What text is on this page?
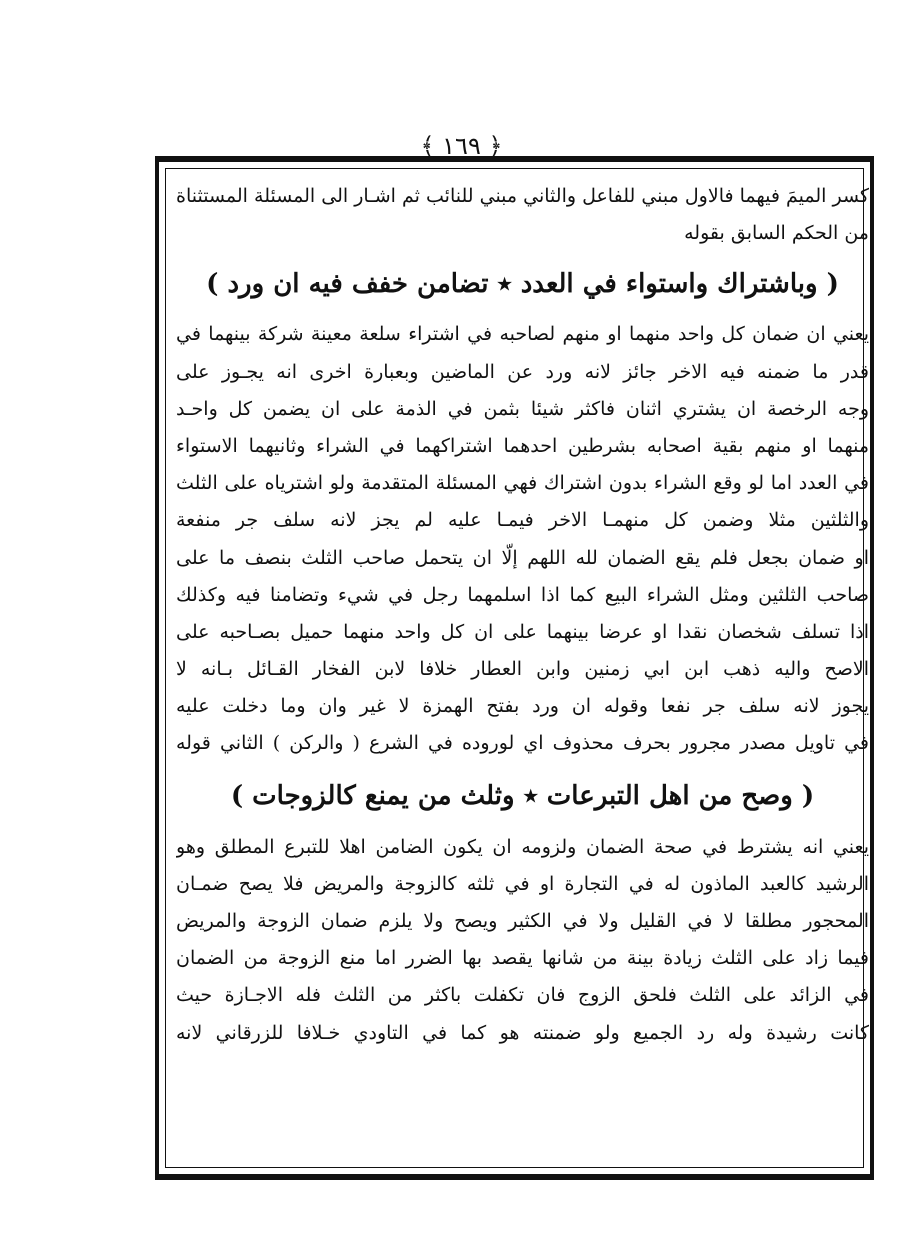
﴿ ١٦٩ ﴾
كسر الميمَ فيهما فالاول مبني للفاعل والثاني مبني للنائب ثم اشـار الى المسئلة المستثناة
من الحكم السابق بقوله
( وباشتراك واستواء في العدد ٭ تضامن خفف فيه ان ورد )
يعني ان ضمان كل واحد منهما او منهم لصاحبه في اشتراء سلعة معينة شركة بينهما في
قدر ما ضمنه فيه الاخر جائز لانه ورد عن الماضين وبعبارة اخرى انه يجـوز على
وجه الرخصة ان يشتري اثنان فاكثر شيئا بثمن في الذمة على ان يضمن كل واحـد
منهما او منهم بقية اصحابه بشرطين احدهما اشتراكهما في الشراء وثانيهما الاستواء
في العدد اما لو وقع الشراء بدون اشتراك فهي المسئلة المتقدمة ولو اشترياه على الثلث
والثلثين مثلا وضمن كل منهمـا الاخر فيمـا عليه لم يجز لانه سلف جر منفعة
او ضمان بجعل فلم يقع الضمان لله اللهم إلّا ان يتحمل صاحب الثلث بنصف ما على
صاحب الثلثين ومثل الشراء البيع كما اذا اسلمهما رجل في شيء وتضامنا فيه وكذلك
اذا تسلف شخصان نقدا او عرضا بينهما على ان كل واحد منهما حميل بصـاحبه على
الاصح واليه ذهب ابن ابي زمنين وابن العطار خلافا لابن الفخار القـائل بـانه لا
يجوز لانه سلف جر نفعا وقوله ان ورد بفتح الهمزة لا غير وان وما دخلت عليه
في تاويل مصدر مجرور بحرف محذوف اي لوروده في الشرع ( والركن ) الثاني قوله
( وصح من اهل التبرعات ٭ وثلث من يمنع كالزوجات )
يعني انه يشترط في صحة الضمان ولزومه ان يكون الضامن اهلا للتبرع المطلق وهو
الرشيد كالعبد الماذون له في التجارة او في ثلثه كالزوجة والمريض فلا يصح ضمـان
المحجور مطلقا لا في القليل ولا في الكثير ويصح ولا يلزم ضمان الزوجة والمريض
فيما زاد على الثلث زيادة بينة من شانها يقصد بها الضرر اما منع الزوجة من الضمان
في الزائد على الثلث فلحق الزوج فان تكفلت باكثر من الثلث فله الاجـازة حيث
كانت رشيدة وله رد الجميع ولو ضمنته هو كما في التاودي خـلافا للزرقاني لانه
